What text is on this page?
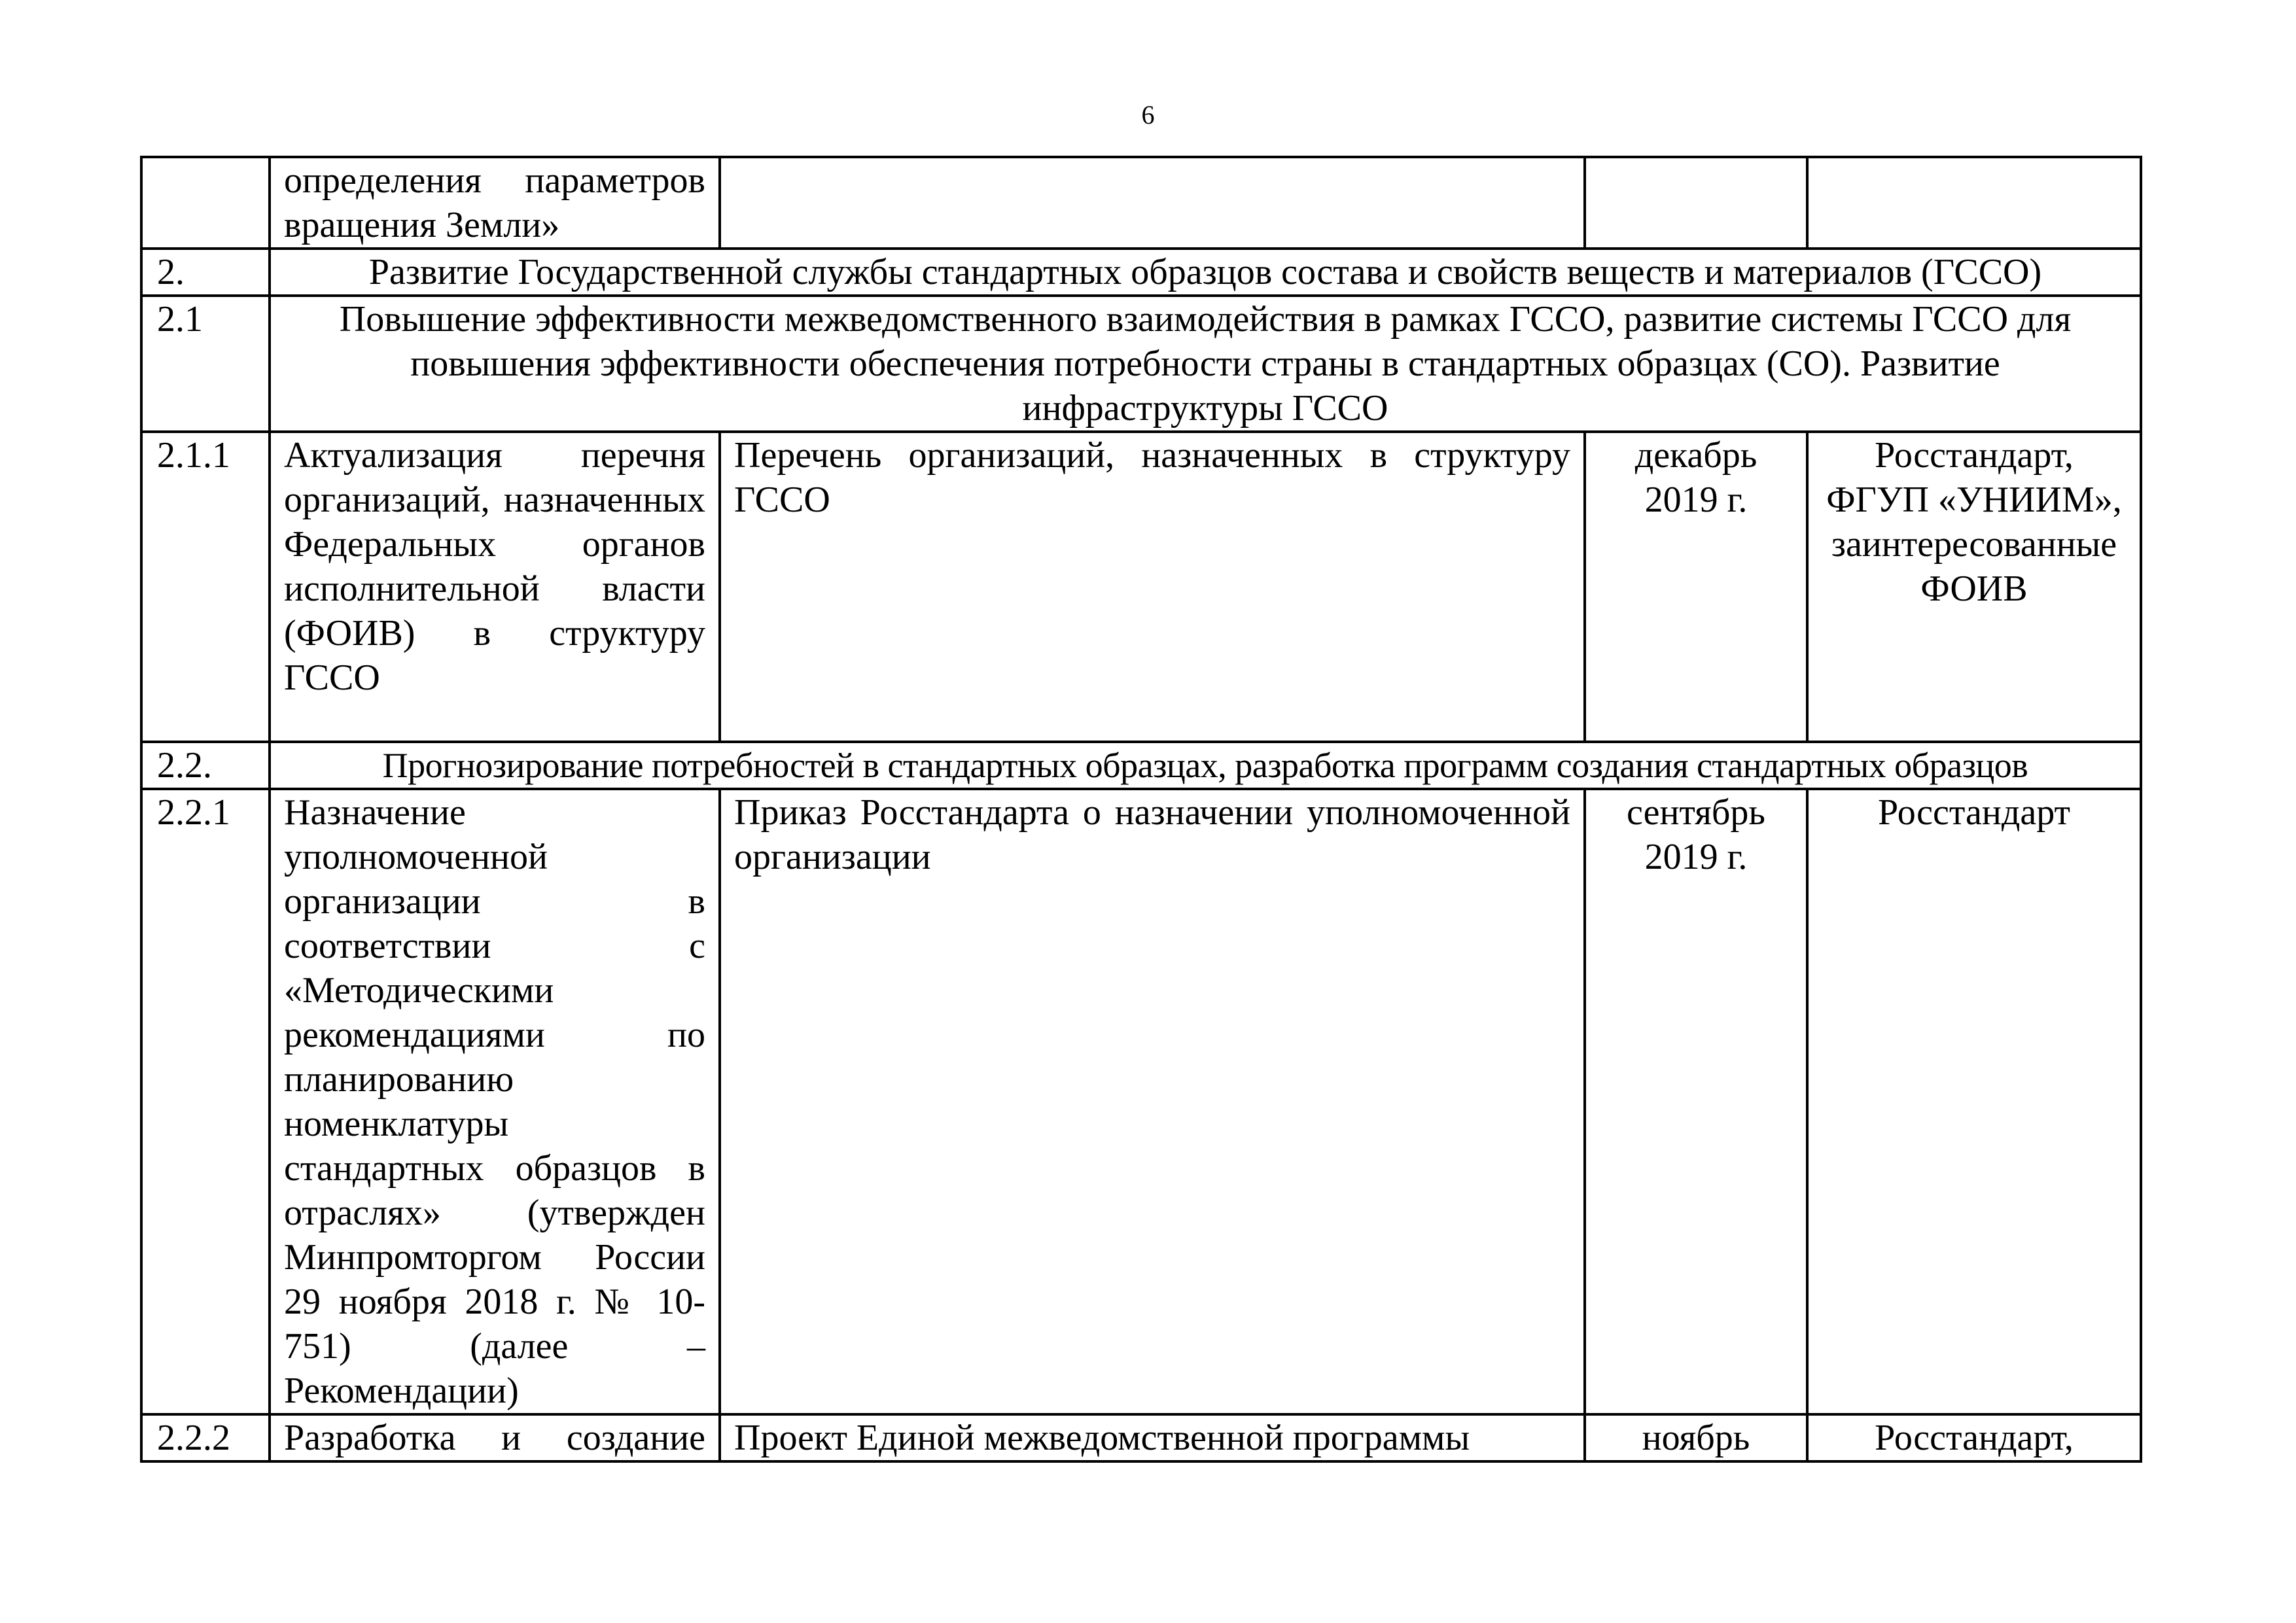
6

	определения параметров вращения Земли»			

2.	Развитие Государственной службы стандартных образцов состава и свойств веществ и материалов (ГССО)			
2.1	Повышение эффективности межведомственного взаимодействия в рамках ГССО, развитие системы ГССО для повышения эффективности обеспечения потребности страны в стандартных образцах (СО). Развитие инфраструктуры ГССО			
2.1.1	Актуализация перечня организаций, назначенных Федеральных органов исполнительной власти (ФОИВ) в структуру ГССО	Перечень организаций, назначенных в структуру ГССО	декабрь 2019 г.	Росстандарт, ФГУП «УНИИМ», заинтересованные ФОИВ
2.2.	Прогнозирование потребностей в стандартных образцах, разработка программ создания стандартных образцов			
2.2.1	Назначение уполномоченной организации в соответствии с «Методическими рекомендациями по планированию номенклатуры стандартных образцов в отраслях» (утвержден Минпромторгом России 29 ноября 2018 г. № 10-751) (далее – Рекомендации)	Приказ Росстандарта о назначении уполномоченной организации	сентябрь 2019 г.	Росстандарт
2.2.2	Разработка и создание	Проект Единой межведомственной программы	ноябрь	Росстандарт,
